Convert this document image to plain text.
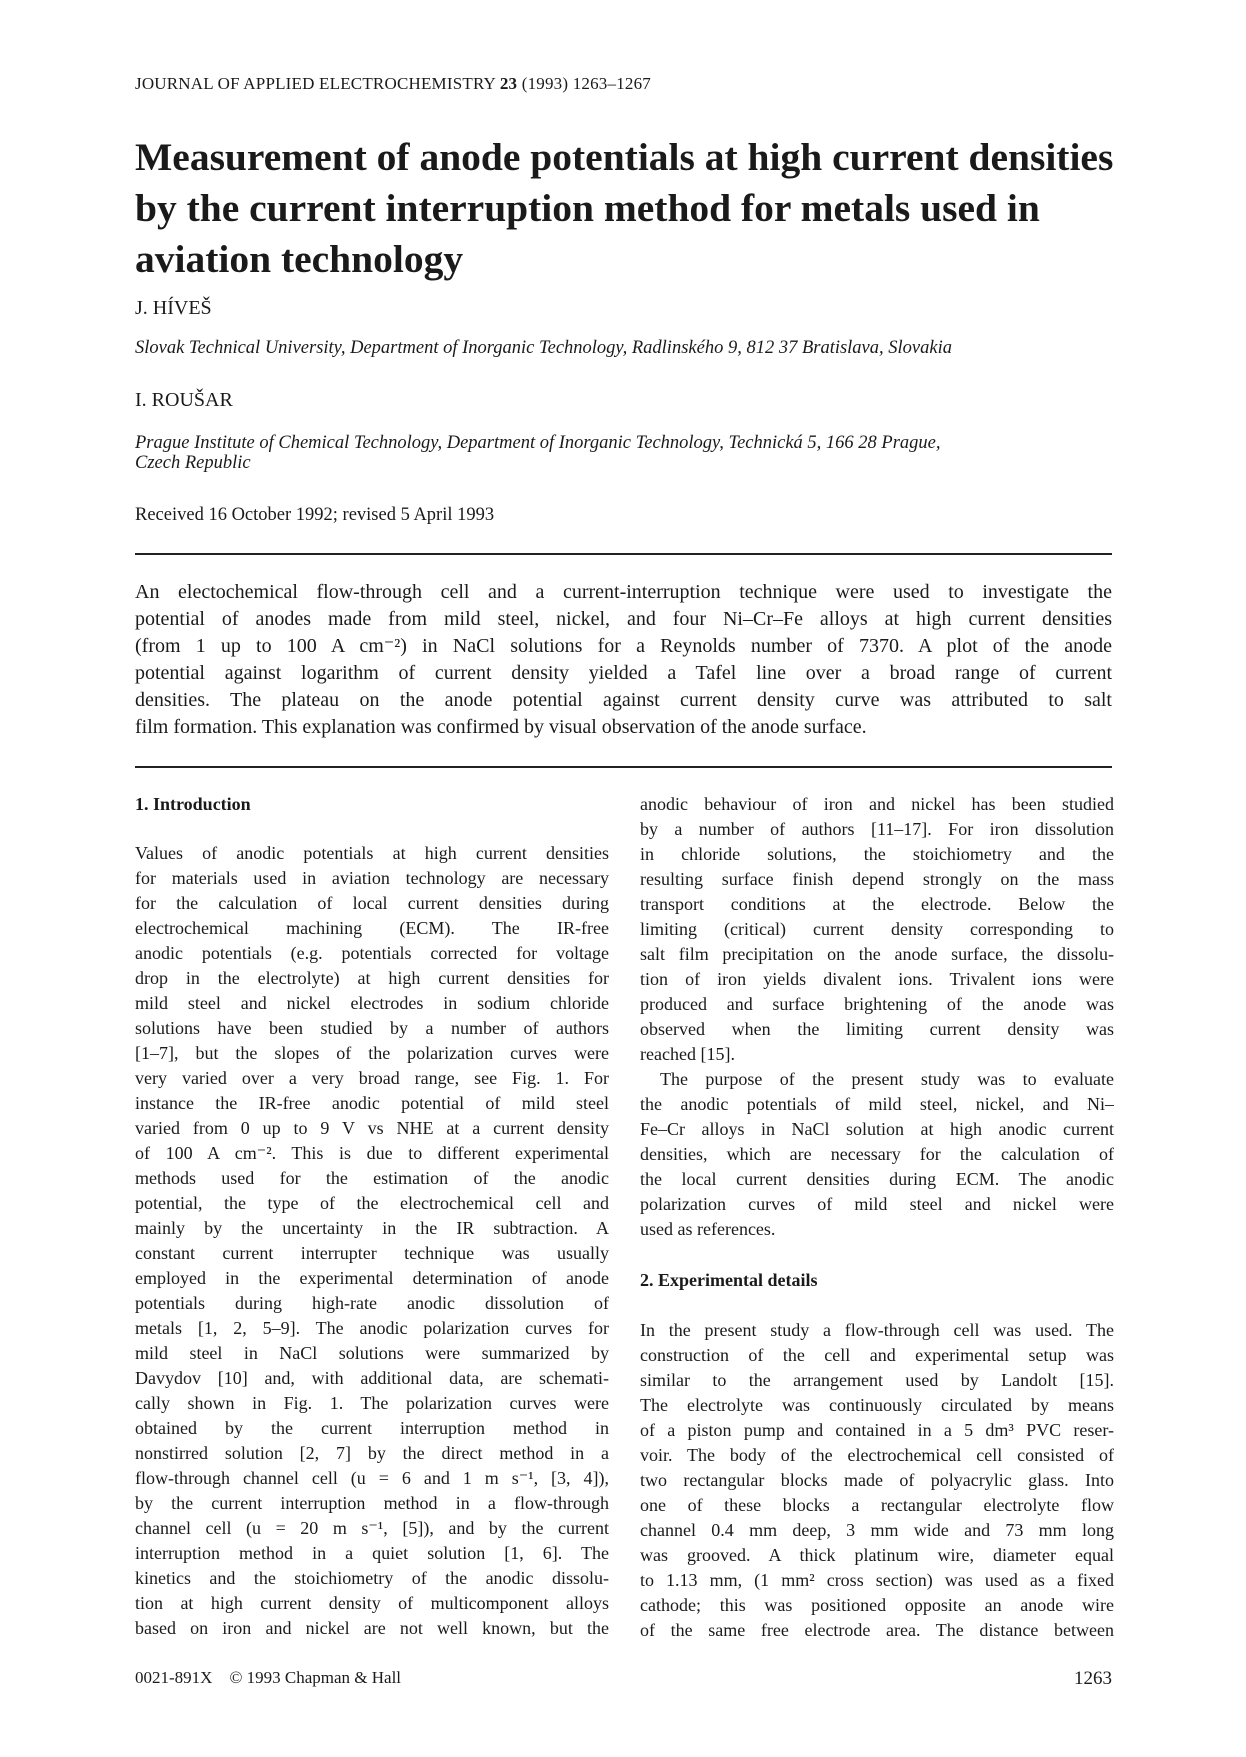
JOURNAL OF APPLIED ELECTROCHEMISTRY 23 (1993) 1263–1267
Measurement of anode potentials at high current densities
by the current interruption method for metals used in
aviation technology
J. HÍVEŠ
Slovak Technical University, Department of Inorganic Technology, Radlinského 9, 812 37 Bratislava, Slovakia
I. ROUŠAR
Prague Institute of Chemical Technology, Department of Inorganic Technology, Technická 5, 166 28 Prague,
Czech Republic
Received 16 October 1992; revised 5 April 1993
An electochemical flow-through cell and a current-interruption technique were used to investigate the
potential of anodes made from mild steel, nickel, and four Ni–Cr–Fe alloys at high current densities
(from 1 up to 100 A cm⁻²) in NaCl solutions for a Reynolds number of 7370. A plot of the anode
potential against logarithm of current density yielded a Tafel line over a broad range of current
densities. The plateau on the anode potential against current density curve was attributed to salt
film formation. This explanation was confirmed by visual observation of the anode surface.
1. Introduction
Values of anodic potentials at high current densities
for materials used in aviation technology are necessary
for the calculation of local current densities during
electrochemical machining (ECM). The IR-free
anodic potentials (e.g. potentials corrected for voltage
drop in the electrolyte) at high current densities for
mild steel and nickel electrodes in sodium chloride
solutions have been studied by a number of authors
[1–7], but the slopes of the polarization curves were
very varied over a very broad range, see Fig. 1. For
instance the IR-free anodic potential of mild steel
varied from 0 up to 9 V vs NHE at a current density
of 100 A cm⁻². This is due to different experimental
methods used for the estimation of the anodic
potential, the type of the electrochemical cell and
mainly by the uncertainty in the IR subtraction. A
constant current interrupter technique was usually
employed in the experimental determination of anode
potentials during high-rate anodic dissolution of
metals [1, 2, 5–9]. The anodic polarization curves for
mild steel in NaCl solutions were summarized by
Davydov [10] and, with additional data, are schemati-
cally shown in Fig. 1. The polarization curves were
obtained by the current interruption method in
nonstirred solution [2, 7] by the direct method in a
flow-through channel cell (u = 6 and 1 m s⁻¹, [3, 4]),
by the current interruption method in a flow-through
channel cell (u = 20 m s⁻¹, [5]), and by the current
interruption method in a quiet solution [1, 6]. The
kinetics and the stoichiometry of the anodic dissolu-
tion at high current density of multicomponent alloys
based on iron and nickel are not well known, but the
anodic behaviour of iron and nickel has been studied
by a number of authors [11–17]. For iron dissolution
in chloride solutions, the stoichiometry and the
resulting surface finish depend strongly on the mass
transport conditions at the electrode. Below the
limiting (critical) current density corresponding to
salt film precipitation on the anode surface, the dissolu-
tion of iron yields divalent ions. Trivalent ions were
produced and surface brightening of the anode was
observed when the limiting current density was
reached [15].
The purpose of the present study was to evaluate
the anodic potentials of mild steel, nickel, and Ni–
Fe–Cr alloys in NaCl solution at high anodic current
densities, which are necessary for the calculation of
the local current densities during ECM. The anodic
polarization curves of mild steel and nickel were
used as references.
2. Experimental details
In the present study a flow-through cell was used. The
construction of the cell and experimental setup was
similar to the arrangement used by Landolt [15].
The electrolyte was continuously circulated by means
of a piston pump and contained in a 5 dm³ PVC reser-
voir. The body of the electrochemical cell consisted of
two rectangular blocks made of polyacrylic glass. Into
one of these blocks a rectangular electrolyte flow
channel 0.4 mm deep, 3 mm wide and 73 mm long
was grooved. A thick platinum wire, diameter equal
to 1.13 mm, (1 mm² cross section) was used as a fixed
cathode; this was positioned opposite an anode wire
of the same free electrode area. The distance between
0021-891X © 1993 Chapman & Hall	1263
